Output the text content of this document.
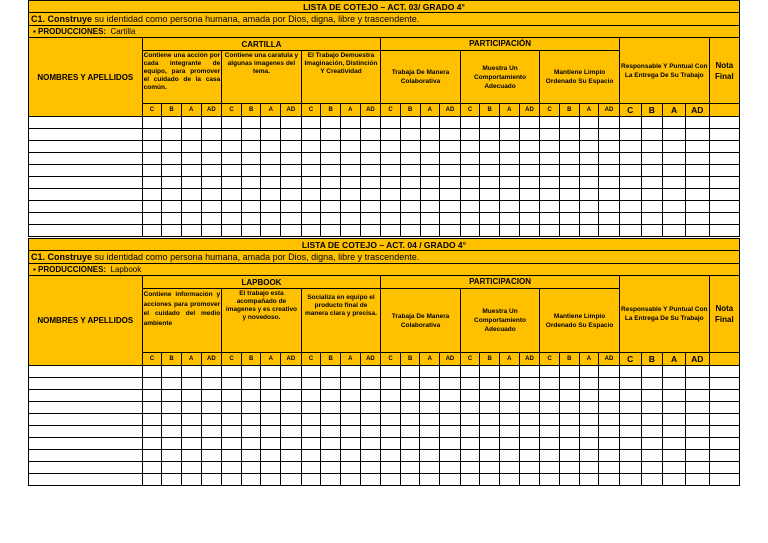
LISTA DE COTEJO – ACT. 03/ GRADO 4°																													
C1. Construye su identidad como persona humana, amada por Dios, digna, libre y trascendente.																													
▪ PRODUCCIONES: Cartilla																													
NOMBRES Y APELLIDOS	CARTILLA												PARTICIPACIÓN												Responsable Y Puntual Con La Entrega De Su Trabajo				Nota Final
	Contiene una acción por cada integrante de equipo, para promover el cuidado de la casa común.				Contiene una caratula y algunas imagenes del tema.				El Trabajo Demuestra Imaginación, Distinción Y Creatividad				Trabaja De Manera Colaborativa				Muestra Un Comportamiento Adecuado				Mantiene Limpio Ordenado Su Espacio								
	C	B	A	AD	C	B	A	AD	C	B	A	AD	C	B	A	AD	C	B	A	AD	C	B	A	AD	C	B	A	AD	

LISTA DE COTEJO – ACT. 04 / GRADO 4°																													
C1. Construye su identidad como persona humana, amada por Dios, digna, libre y trascendente.																													
▪ PRODUCCIONES: Lapbook																													
NOMBRES Y APELLIDOS	LAPBOOK												PARTICIPACION												Responsable Y Puntual Con La Entrega De Su Trabajo				Nota Final
	Contiene información y acciones para promover el cuidado del medio ambiente				El trabajo esta acompañado de imagenes y es creativo y novedoso.				Socializa en equipo el producto final de manera clara y precisa.				Trabaja De Manera Colaborativa				Muestra Un Comportamiento Adecuado				Mantiene Limpio Ordenado Su Espacio								
	C	B	A	AD	C	B	A	AD	C	B	A	AD	C	B	A	AD	C	B	A	AD	C	B	A	AD	C	B	A	AD	
